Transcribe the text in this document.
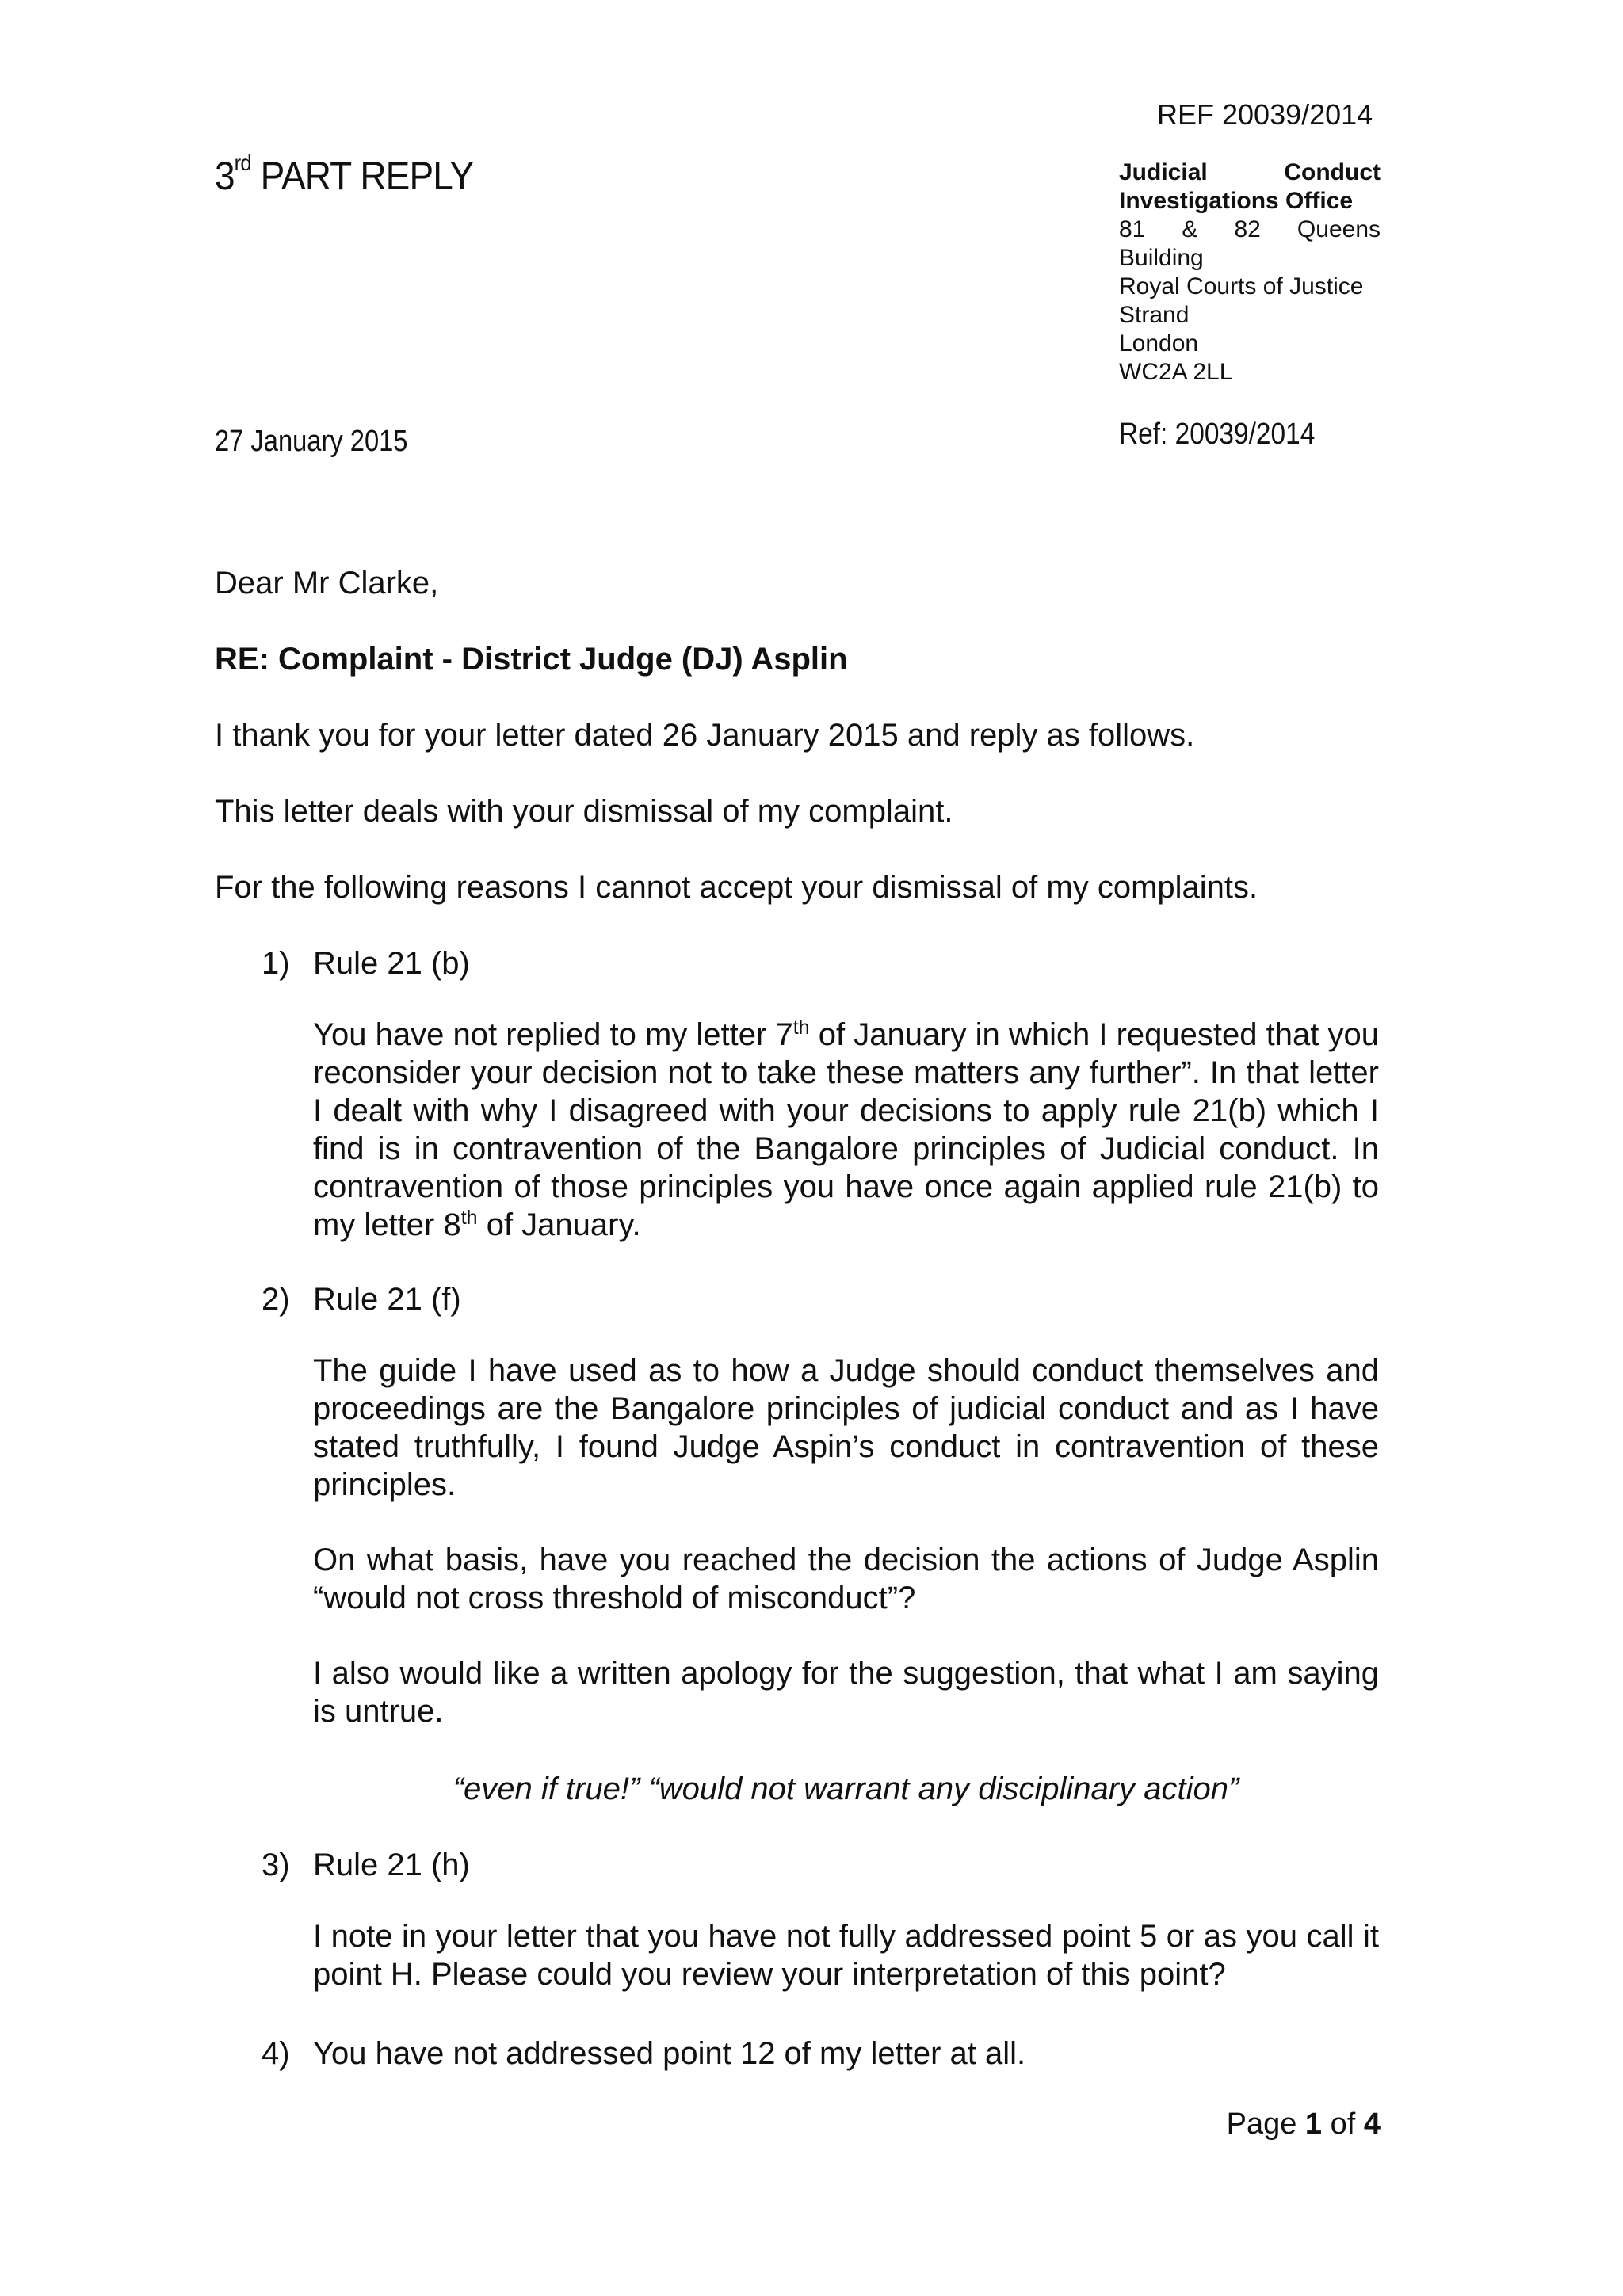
REF 20039/2014
3rd PART REPLY	Judicial Conduct
Investigations Office
81 & 82 Queens
Building
Royal Courts of Justice
Strand
London
WC2A 2LL
27 January 2015	Ref: 20039/2014
Dear Mr Clarke,
RE: Complaint - District Judge (DJ) Asplin
I thank you for your letter dated 26 January 2015 and reply as follows.
This letter deals with your dismissal of my complaint.
For the following reasons I cannot accept your dismissal of my complaints.
1) Rule 21 (b)
You have not replied to my letter 7th of January in which I requested that you reconsider your decision not to take these matters any further”. In that letter I dealt with why I disagreed with your decisions to apply rule 21(b) which I find is in contravention of the Bangalore principles of Judicial conduct. In contravention of those principles you have once again applied rule 21(b) to my letter 8th of January.
2) Rule 21 (f)
The guide I have used as to how a Judge should conduct themselves and proceedings are the Bangalore principles of judicial conduct and as I have stated truthfully, I found Judge Aspin’s conduct in contravention of these principles.
On what basis, have you reached the decision the actions of Judge Asplin “would not cross threshold of misconduct”?
I also would like a written apology for the suggestion, that what I am saying is untrue.
“even if true!” “would not warrant any disciplinary action”
3) Rule 21 (h)
I note in your letter that you have not fully addressed point 5 or as you call it point H. Please could you review your interpretation of this point?
4) You have not addressed point 12 of my letter at all.
Page 1 of 4
